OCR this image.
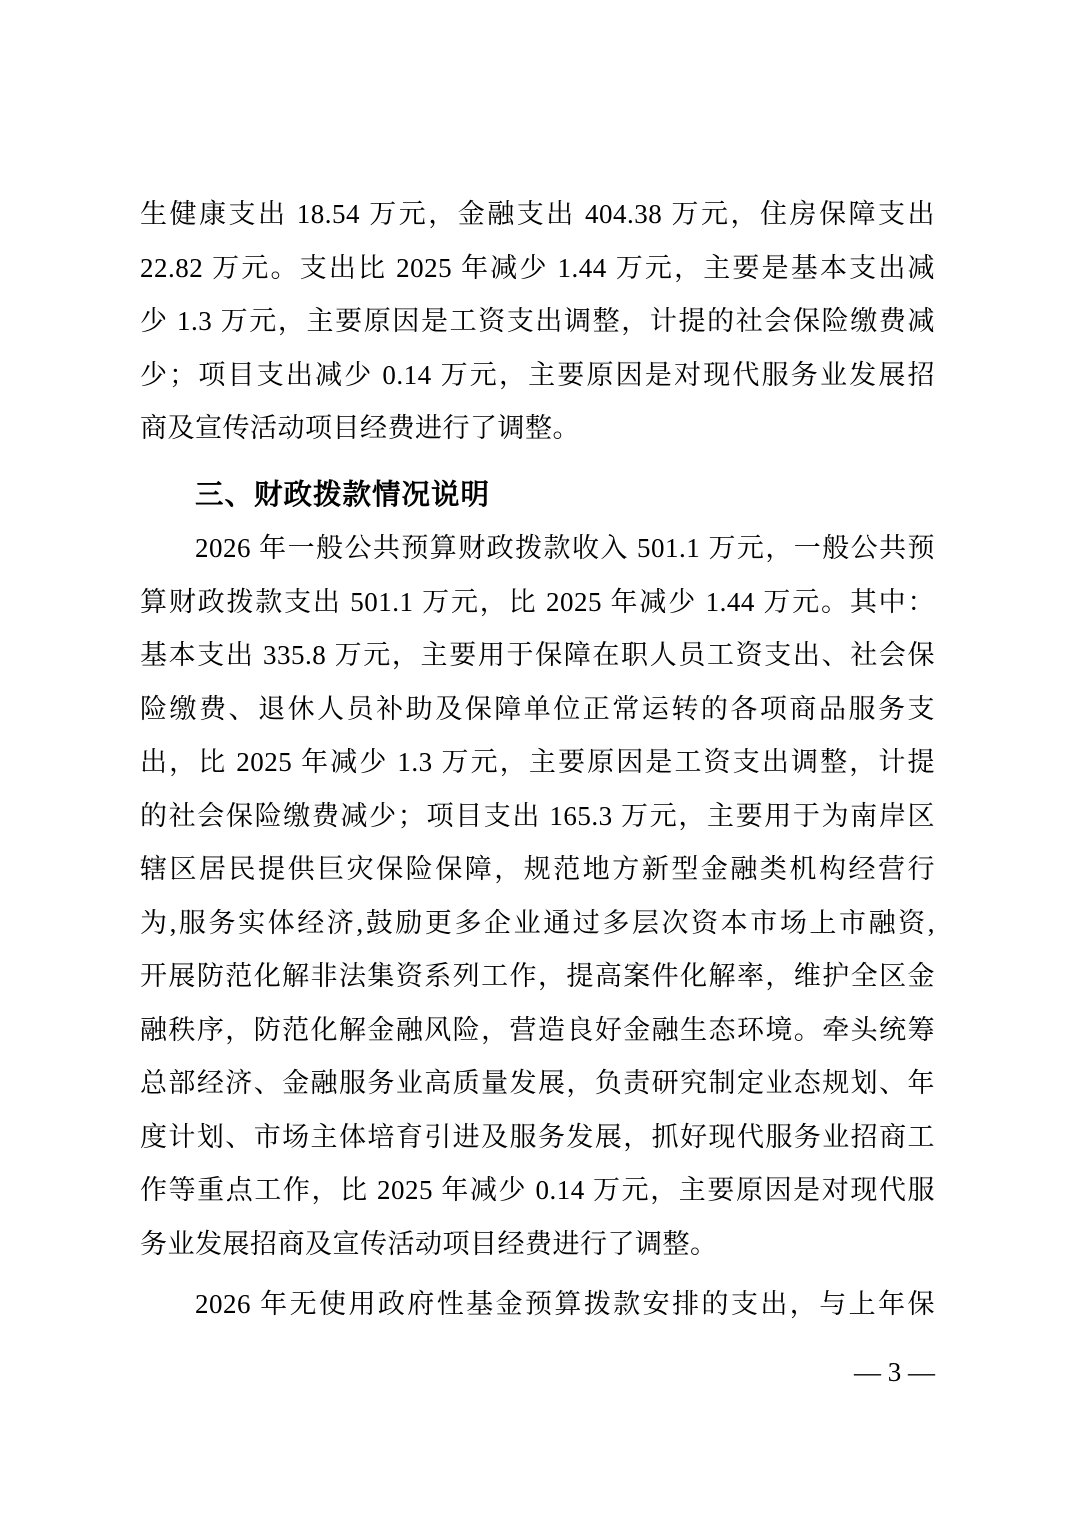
生健康支出 18.54 万元，金融支出 404.38 万元，住房保障支出
22.82 万元。支出比 2025 年减少 1.44 万元，主要是基本支出减
少 1.3 万元，主要原因是工资支出调整，计提的社会保险缴费减
少；项目支出减少 0.14 万元，主要原因是对现代服务业发展招
商及宣传活动项目经费进行了调整。
三、财政拨款情况说明
2026 年一般公共预算财政拨款收入 501.1 万元，一般公共预
算财政拨款支出 501.1 万元，比 2025 年减少 1.44 万元。其中：
基本支出 335.8 万元，主要用于保障在职人员工资支出、社会保
险缴费、退休人员补助及保障单位正常运转的各项商品服务支
出，比 2025 年减少 1.3 万元，主要原因是工资支出调整，计提
的社会保险缴费减少；项目支出 165.3 万元，主要用于为南岸区
辖区居民提供巨灾保险保障，规范地方新型金融类机构经营行
为,服务实体经济,鼓励更多企业通过多层次资本市场上市融资,
开展防范化解非法集资系列工作，提高案件化解率，维护全区金
融秩序，防范化解金融风险，营造良好金融生态环境。牵头统筹
总部经济、金融服务业高质量发展，负责研究制定业态规划、年
度计划、市场主体培育引进及服务发展，抓好现代服务业招商工
作等重点工作，比 2025 年减少 0.14 万元，主要原因是对现代服
务业发展招商及宣传活动项目经费进行了调整。
2026 年无使用政府性基金预算拨款安排的支出，与上年保
— 3 —
